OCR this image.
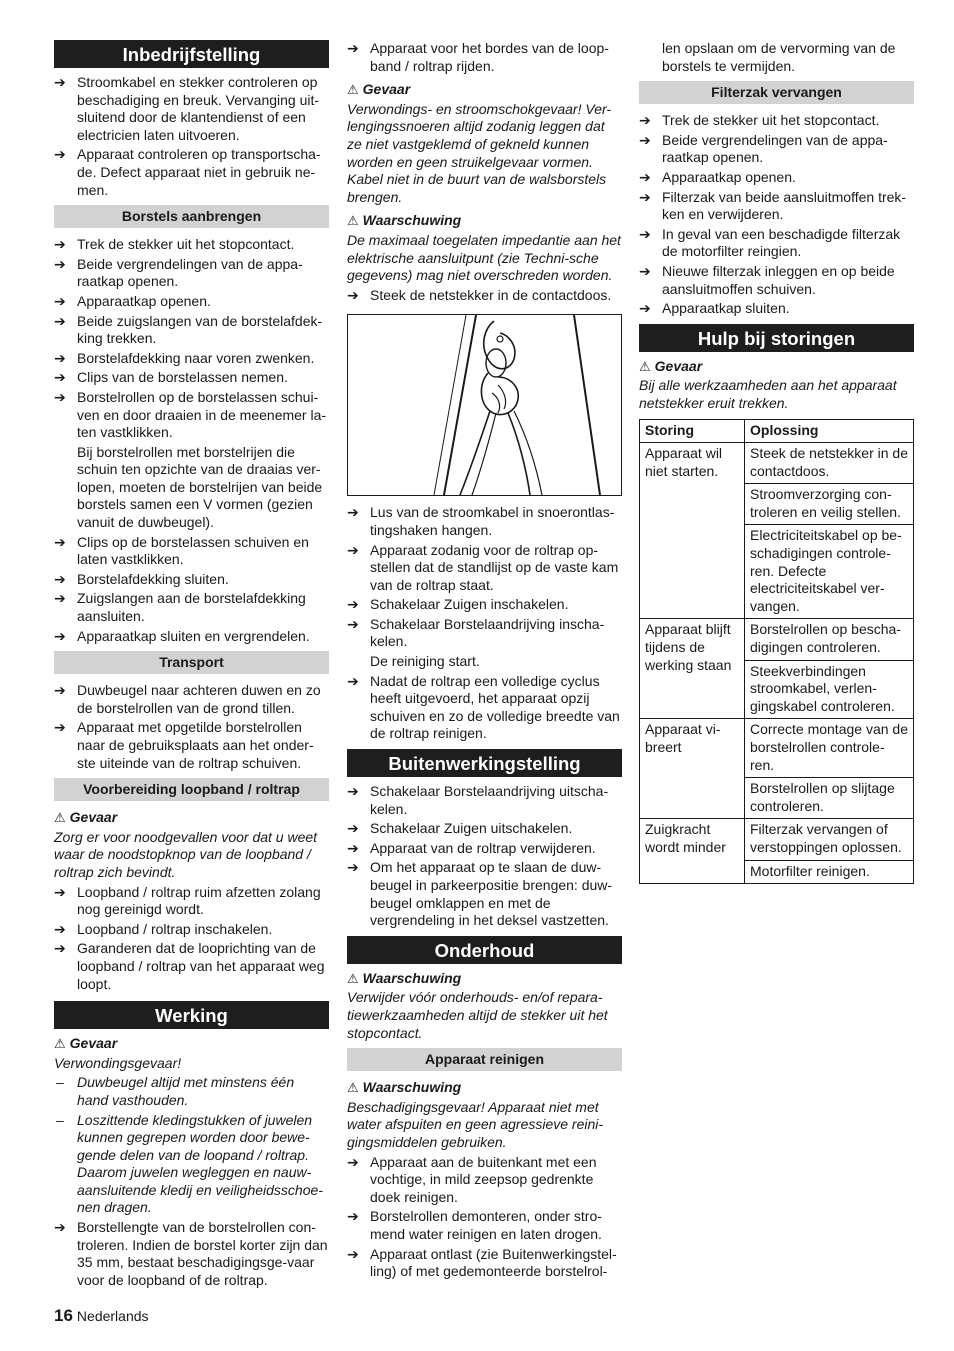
Inbedrijfstelling
➔ Stroomkabel en stekker controleren op beschadiging en breuk. Vervanging uit-sluitend door de klantendienst of een electricien laten uitvoeren.
➔ Apparaat controleren op transportscha-de. Defect apparaat niet in gebruik ne-men.
Borstels aanbrengen
➔ Trek de stekker uit het stopcontact.
➔ Beide vergrendelingen van de appa-raatkap openen.
➔ Apparaatkap openen.
➔ Beide zuigslangen van de borstelafdek-king trekken.
➔ Borstelafdekking naar voren zwenken.
➔ Clips van de borstelassen nemen.
➔ Borstelrollen op de borstelassen schui-ven en door draaien in de meenemer la-ten vastklikken.
Bij borstelrollen met borstelrijen die schuin ten opzichte van de draaias ver-lopen, moeten de borstelrijen van beide borstels samen een V vormen (gezien vanuit de duwbeugel).
➔ Clips op de borstelassen schuiven en laten vastklikken.
➔ Borstelafdekking sluiten.
➔ Zuigslangen aan de borstelafdekking aansluiten.
➔ Apparaatkap sluiten en vergrendelen.
Transport
➔ Duwbeugel naar achteren duwen en zo de borstelrollen van de grond tillen.
➔ Apparaat met opgetilde borstelrollen naar de gebruiksplaats aan het onder-ste uiteinde van de roltrap schuiven.
Voorbereiding loopband / roltrap
⚠ Gevaar
Zorg er voor noodgevallen voor dat u weet waar de noodstopknop van de loopband / roltrap zich bevindt.
➔ Loopband / roltrap ruim afzetten zolang nog gereinigd wordt.
➔ Loopband / roltrap inschakelen.
➔ Garanderen dat de looprichting van de loopband / roltrap van het apparaat weg loopt.
Werking
⚠ Gevaar
Verwondingsgevaar!
– Duwbeugel altijd met minstens één hand vasthouden.
– Loszittende kledingstukken of juwelen kunnen gegrepen worden door bewe-gende delen van de loopand / roltrap. Daarom juwelen wegleggen en nauw-aansluitende kledij en veiligheidsschoe-nen dragen.
➔ Borstellengte van de borstelrollen con-troleren. Indien de borstel korter zijn dan 35 mm, bestaat beschadigingsge-vaar voor de loopband of de roltrap.
➔ Apparaat voor het bordes van de loop-band / roltrap rijden.
⚠ Gevaar
Verwondings- en stroomschokgevaar! Ver-lengingssnoeren altijd zodanig leggen dat ze niet vastgeklemd of gekneld kunnen worden en geen struikelgevaar vormen. Kabel niet in de buurt van de walsborstels brengen.
⚠ Waarschuwing
De maximaal toegelaten impedantie aan het elektrische aansluitpunt (zie Techni-sche gegevens) mag niet overschreden worden.
➔ Steek de netstekker in de contactdoos.
➔ Lus van de stroomkabel in snoerontlas-tingshaken hangen.
➔ Apparaat zodanig voor de roltrap op-stellen dat de standlijst op de vaste kam van de roltrap staat.
➔ Schakelaar Zuigen inschakelen.
➔ Schakelaar Borstelaandrijving inscha-kelen.
De reiniging start.
➔ Nadat de roltrap een volledige cyclus heeft uitgevoerd, het apparaat opzij schuiven en zo de volledige breedte van de roltrap reinigen.
Buitenwerkingstelling
➔ Schakelaar Borstelaandrijving uitscha-kelen.
➔ Schakelaar Zuigen uitschakelen.
➔ Apparaat van de roltrap verwijderen.
➔ Om het apparaat op te slaan de duw-beugel in parkeerpositie brengen: duw-beugel omklappen en met de vergrendeling in het deksel vastzetten.
Onderhoud
⚠ Waarschuwing
Verwijder vóór onderhouds- en/of repara-tiewerkzaamheden altijd de stekker uit het stopcontact.
Apparaat reinigen
⚠ Waarschuwing
Beschadigingsgevaar! Apparaat niet met water afspuiten en geen agressieve reini-gingsmiddelen gebruiken.
➔ Apparaat aan de buitenkant met een vochtige, in mild zeepsop gedrenkte doek reinigen.
➔ Borstelrollen demonteren, onder stro-mend water reinigen en laten drogen.
➔ Apparaat ontlast (zie Buitenwerkingstel-ling) of met gedemonteerde borstelrol-
len opslaan om de vervorming van de borstels te vermijden.
Filterzak vervangen
➔ Trek de stekker uit het stopcontact.
➔ Beide vergrendelingen van de appa-raatkap openen.
➔ Apparaatkap openen.
➔ Filterzak van beide aansluitmoffen trek-ken en verwijderen.
➔ In geval van een beschadigde filterzak de motorfilter reingien.
➔ Nieuwe filterzak inleggen en op beide aansluitmoffen schuiven.
➔ Apparaatkap sluiten.
Hulp bij storingen
⚠ Gevaar
Bij alle werkzaamheden aan het apparaat netstekker eruit trekken.
Storing	Oplossing
Apparaat wil niet starten.	Steek de netstekker in de contactdoos.
	Stroomverzorging con-troleren en veilig stellen.
	Electriciteitskabel op be-schadigingen controle-ren. Defecte electriciteitskabel ver-vangen.
Apparaat blijft tijdens de werking staan	Borstelrollen op bescha-digingen controleren.
	Steekverbindingen stroomkabel, verlen-gingskabel controleren.
Apparaat vi-breert	Correcte montage van de borstelrollen controle-ren.
	Borstelrollen op slijtage controleren.
Zuigkracht wordt minder	Filterzak vervangen of verstoppingen oplossen.
	Motorfilter reinigen.
16 Nederlands
